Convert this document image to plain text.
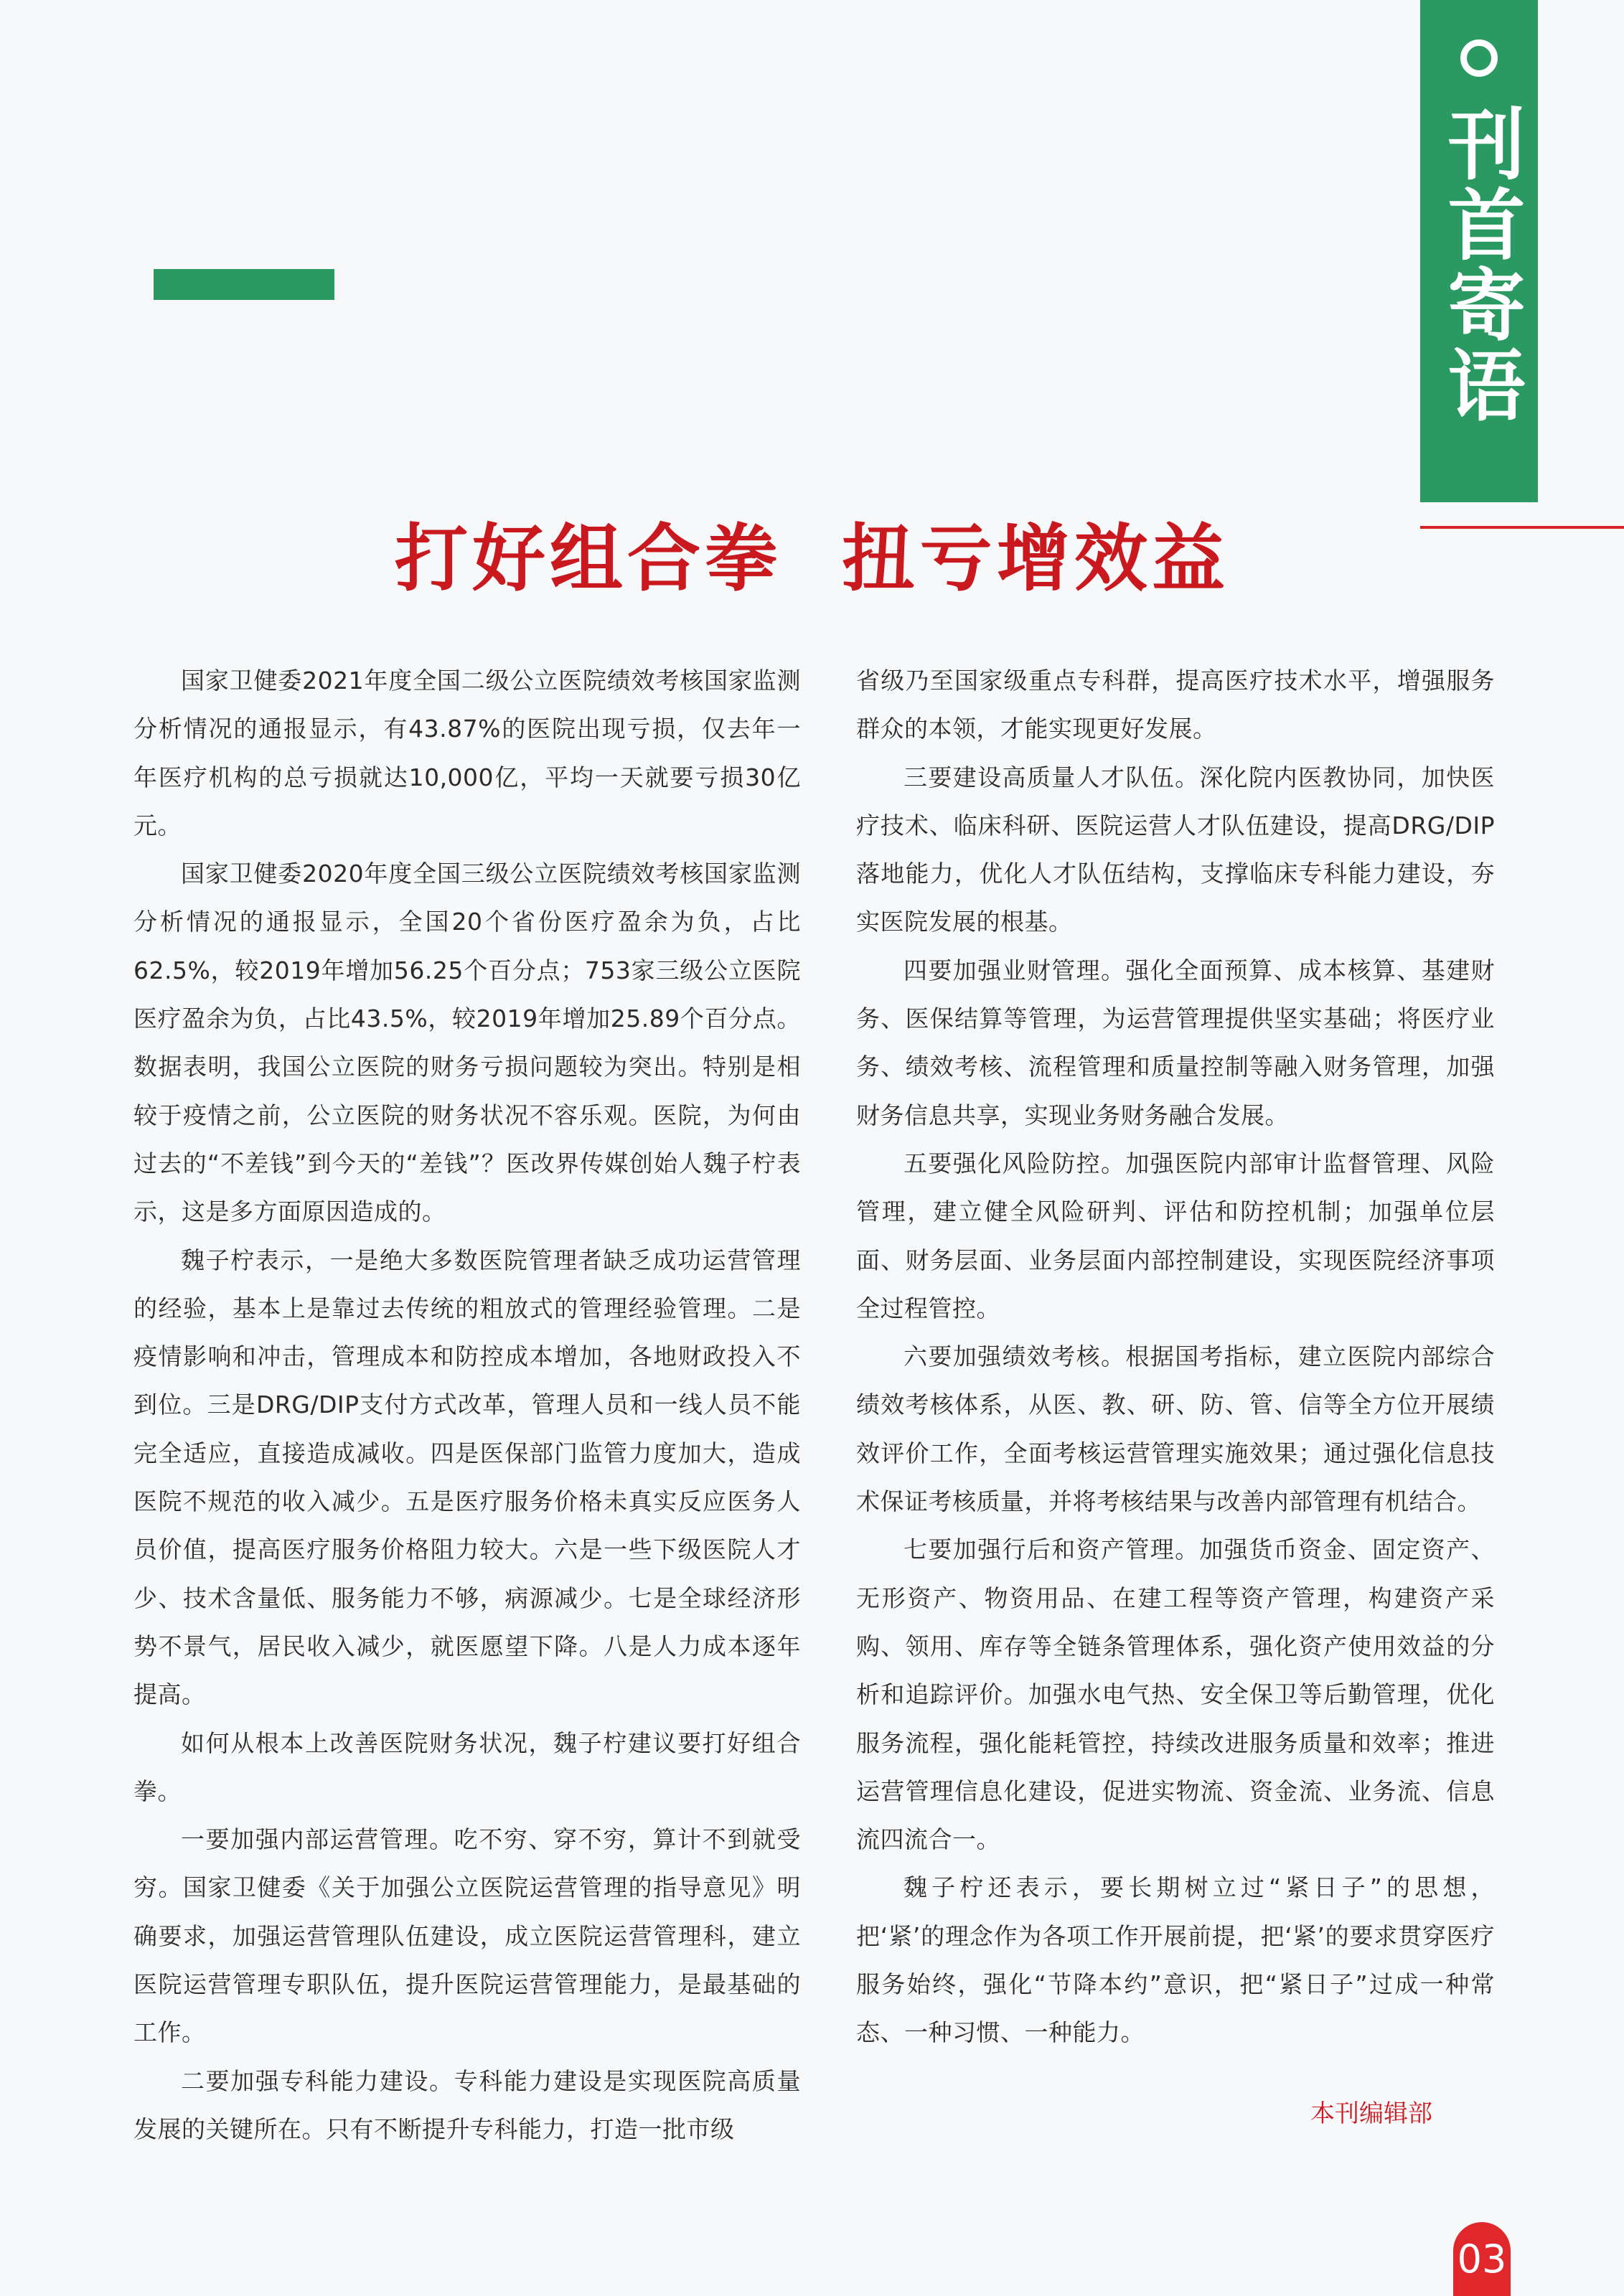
刊首寄语
打好组合拳  扭亏增效益

国家卫健委2021年度全国二级公立医院绩效考核国家监测分析情况的通报显示，有43.87%的医院出现亏损，仅去年一年医疗机构的总亏损就达10,000亿，平均一天就要亏损30亿元。

国家卫健委2020年度全国三级公立医院绩效考核国家监测分析情况的通报显示，全国20个省份医疗盈余为负，占比62.5%，较2019年增加56.25个百分点；753家三级公立医院医疗盈余为负，占比43.5%，较2019年增加25.89个百分点。数据表明，我国公立医院的财务亏损问题较为突出。特别是相较于疫情之前，公立医院的财务状况不容乐观。医院，为何由过去的“不差钱”到今天的“差钱”？医改界传媒创始人魏子柠表示，这是多方面原因造成的。

魏子柠表示，一是绝大多数医院管理者缺乏成功运营管理的经验，基本上是靠过去传统的粗放式的管理经验管理。二是疫情影响和冲击，管理成本和防控成本增加，各地财政投入不到位。三是DRG/DIP支付方式改革，管理人员和一线人员不能完全适应，直接造成减收。四是医保部门监管力度加大，造成医院不规范的收入减少。五是医疗服务价格未真实反应医务人员价值，提高医疗服务价格阻力较大。六是一些下级医院人才少、技术含量低、服务能力不够，病源减少。七是全球经济形势不景气，居民收入减少，就医愿望下降。八是人力成本逐年提高。

如何从根本上改善医院财务状况，魏子柠建议要打好组合拳。

一要加强内部运营管理。吃不穷、穿不穷，算计不到就受穷。国家卫健委《关于加强公立医院运营管理的指导意见》明确要求，加强运营管理队伍建设，成立医院运营管理科，建立医院运营管理专职队伍，提升医院运营管理能力，是最基础的工作。

二要加强专科能力建设。专科能力建设是实现医院高质量发展的关键所在。只有不断提升专科能力，打造一批市级

省级乃至国家级重点专科群，提高医疗技术水平，增强服务群众的本领，才能实现更好发展。

三要建设高质量人才队伍。深化院内医教协同，加快医疗技术、临床科研、医院运营人才队伍建设，提高DRG/DIP落地能力，优化人才队伍结构，支撑临床专科能力建设，夯实医院发展的根基。

四要加强业财管理。强化全面预算、成本核算、基建财务、医保结算等管理，为运营管理提供坚实基础；将医疗业务、绩效考核、流程管理和质量控制等融入财务管理，加强财务信息共享，实现业务财务融合发展。

五要强化风险防控。加强医院内部审计监督管理、风险管理，建立健全风险研判、评估和防控机制；加强单位层面、财务层面、业务层面内部控制建设，实现医院经济事项全过程管控。

六要加强绩效考核。根据国考指标，建立医院内部综合绩效考核体系，从医、教、研、防、管、信等全方位开展绩效评价工作，全面考核运营管理实施效果；通过强化信息技术保证考核质量，并将考核结果与改善内部管理有机结合。

七要加强行后和资产管理。加强货币资金、固定资产、无形资产、物资用品、在建工程等资产管理，构建资产采购、领用、库存等全链条管理体系，强化资产使用效益的分析和追踪评价。加强水电气热、安全保卫等后勤管理，优化服务流程，强化能耗管控，持续改进服务质量和效率；推进运营管理信息化建设，促进实物流、资金流、业务流、信息流四流合一。

魏子柠还表示，要长期树立过“紧日子”的思想，把‘紧’的理念作为各项工作开展前提，把‘紧’的要求贯穿医疗服务始终，强化“节降本约”意识，把“紧日子”过成一种常态、一种习惯、一种能力。

本刊编辑部
03
